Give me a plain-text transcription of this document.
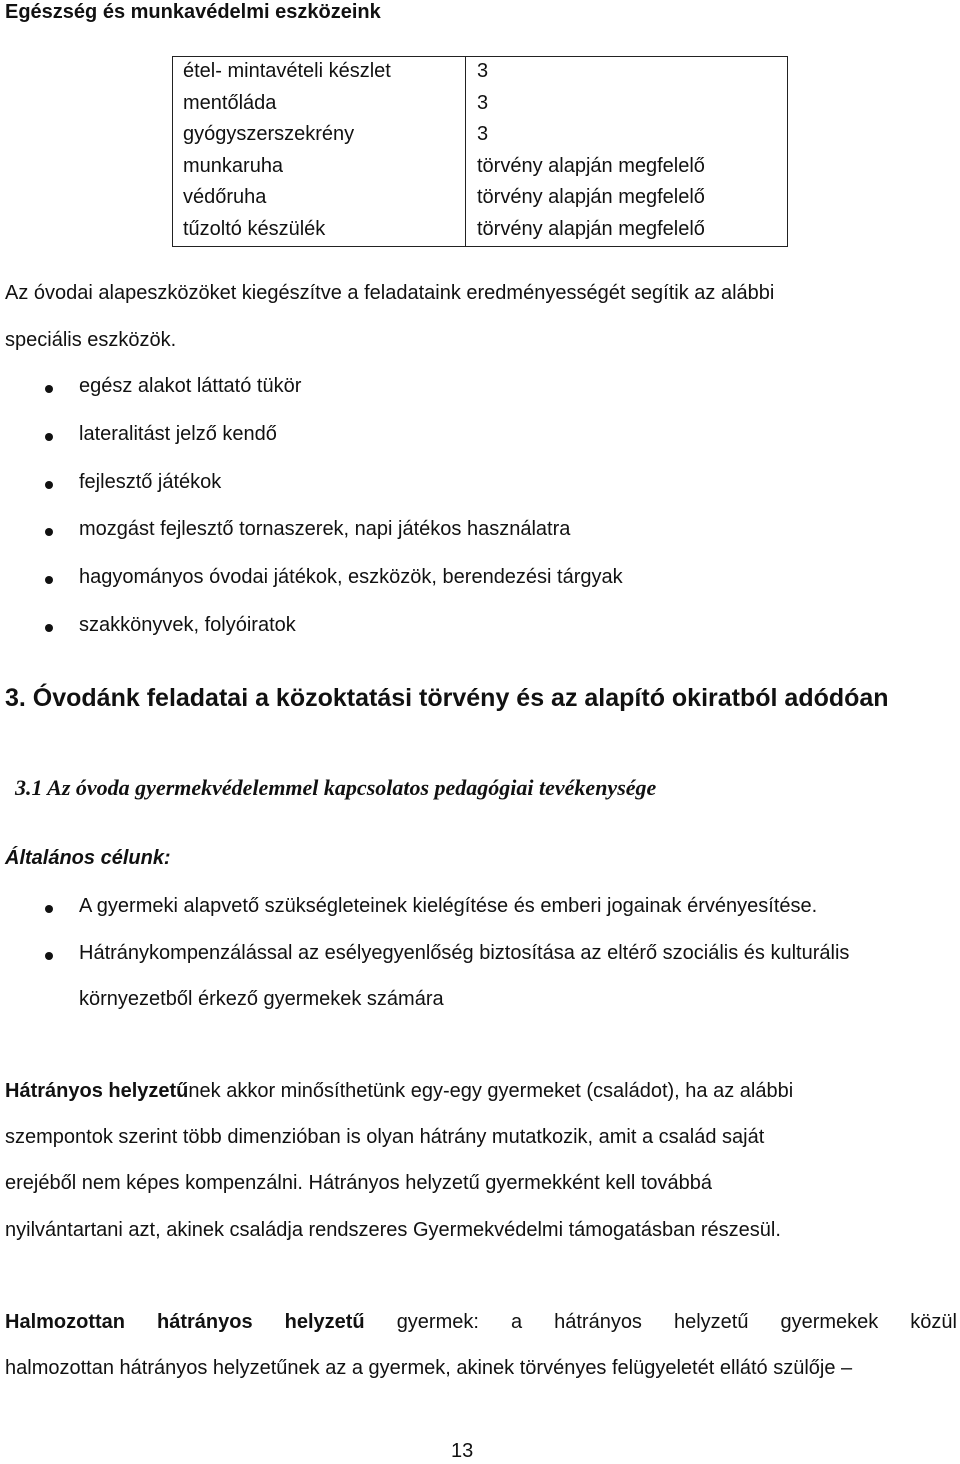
Egészség és munkavédelmi eszközeink
étel- mintavételi készlet	3
mentőláda	3
gyógyszerszekrény	3
munkaruha	törvény alapján megfelelő
védőruha	törvény alapján megfelelő
tűzoltó készülék	törvény alapján megfelelő
Az óvodai alapeszközöket kiegészítve a feladataink eredményességét segítik az alábbi
speciális eszközök.
egész alakot láttató tükör
lateralitást jelző kendő
fejlesztő játékok
mozgást fejlesztő tornaszerek, napi játékos használatra
hagyományos óvodai játékok, eszközök, berendezési tárgyak
szakkönyvek, folyóiratok
3. Óvodánk feladatai a közoktatási törvény és az alapító okiratból adódóan
3.1 Az óvoda gyermekvédelemmel kapcsolatos pedagógiai tevékenysége
Általános célunk:
A gyermeki alapvető szükségleteinek kielégítése és emberi jogainak érvényesítése.
Hátránykompenzálással az esélyegyenlőség biztosítása az eltérő szociális és kulturális
környezetből érkező gyermekek számára
Hátrányos helyzetűnek akkor minősíthetünk egy-egy gyermeket (családot), ha az alábbi
szempontok szerint több dimenzióban is olyan hátrány mutatkozik, amit a család saját
erejéből nem képes kompenzálni. Hátrányos helyzetű gyermekként kell továbbá
nyilvántartani azt, akinek családja rendszeres Gyermekvédelmi támogatásban részesül.
Halmozottan hátrányos helyzetű gyermek: a hátrányos helyzetű gyermekek közül
halmozottan hátrányos helyzetűnek az a gyermek, akinek törvényes felügyeletét ellátó szülője –
13
